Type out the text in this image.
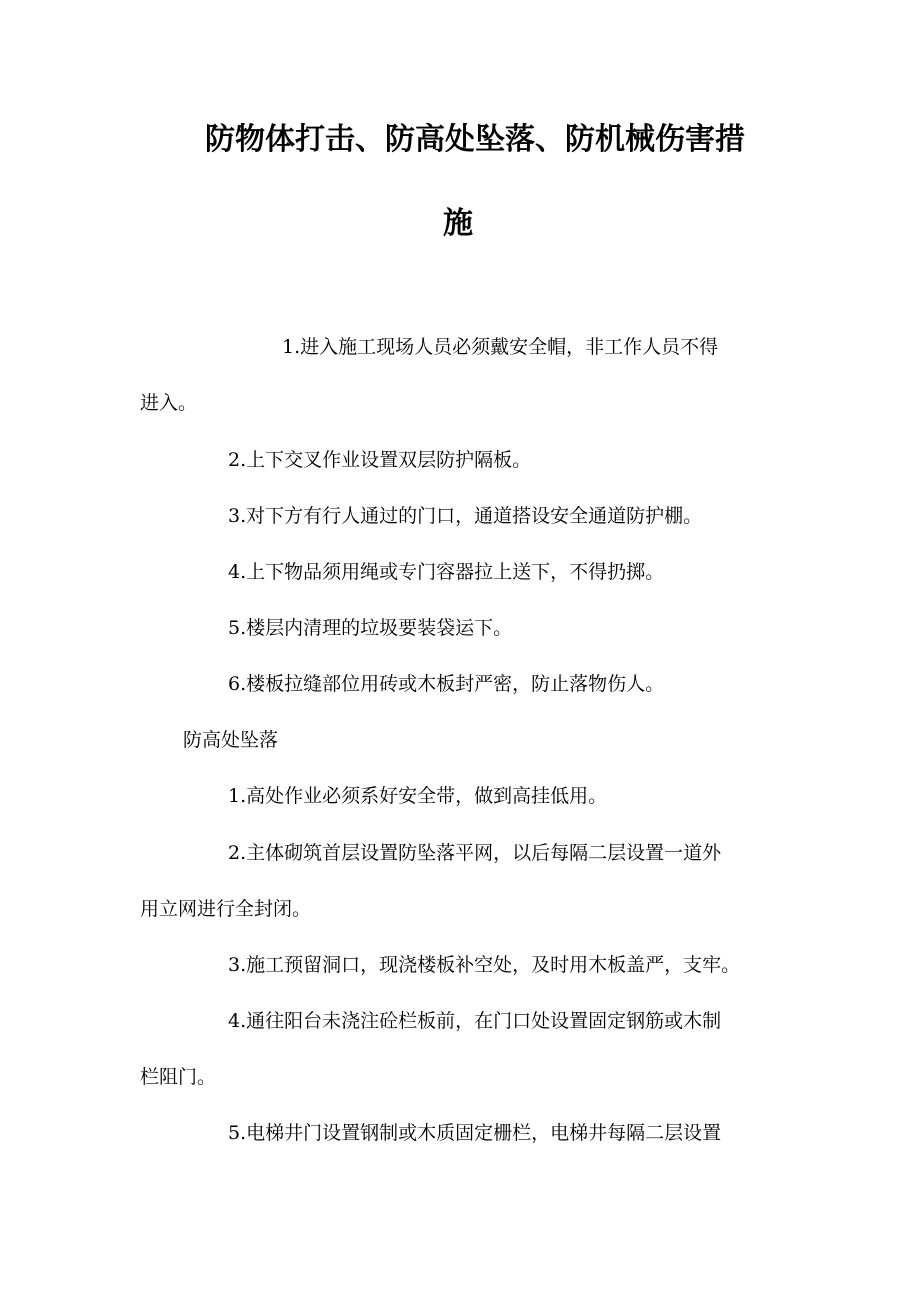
防物体打击、防高处坠落、防机械伤害措
施
1.进入施工现场人员必须戴安全帽，非工作人员不得
进入。
2.上下交叉作业设置双层防护隔板。
3.对下方有行人通过的门口，通道搭设安全通道防护棚。
4.上下物品须用绳或专门容器拉上送下，不得扔掷。
5.楼层内清理的垃圾要装袋运下。
6.楼板拉缝部位用砖或木板封严密，防止落物伤人。
防高处坠落
1.高处作业必须系好安全带，做到高挂低用。
2.主体砌筑首层设置防坠落平网，以后每隔二层设置一道外
用立网进行全封闭。
3.施工预留洞口，现浇楼板补空处，及时用木板盖严，支牢。
4.通往阳台未浇注砼栏板前，在门口处设置固定钢筋或木制
栏阻门。
5.电梯井门设置钢制或木质固定栅栏，电梯井每隔二层设置
